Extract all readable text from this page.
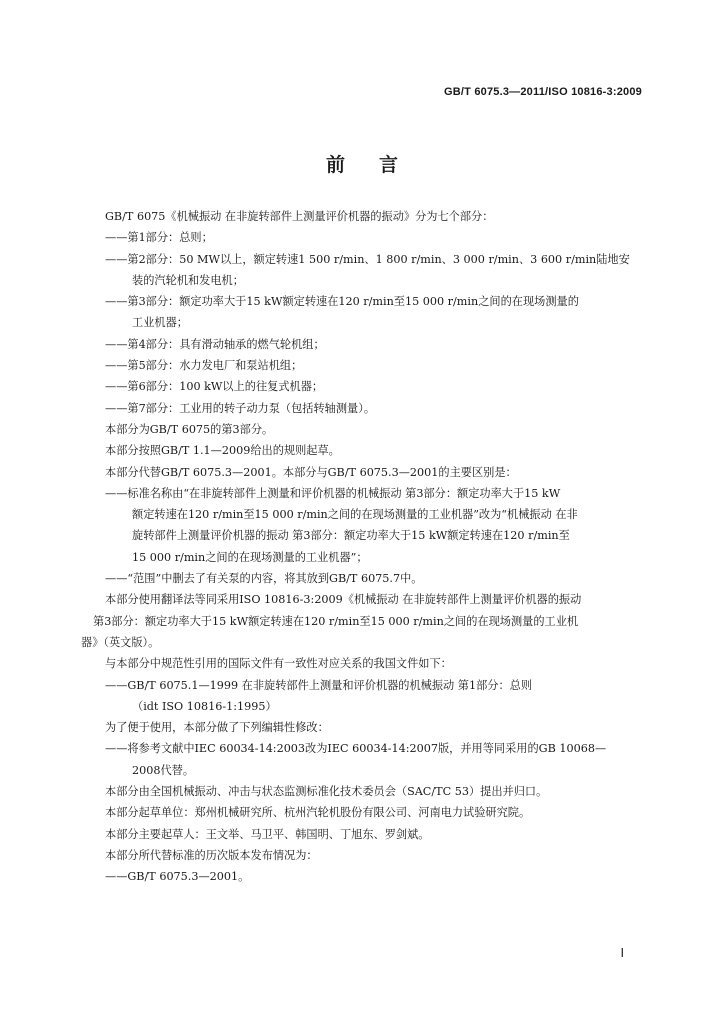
GB/T 6075.3—2011/ISO 10816-3:2009
前言
GB/T 6075《机械振动 在非旋转部件上测量评价机器的振动》分为七个部分：
——第1部分：总则；
——第2部分：50 MW以上，额定转速1 500 r/min、1 800 r/min、3 000 r/min、3 600 r/min陆地安
装的汽轮机和发电机；
——第3部分：额定功率大于15 kW额定转速在120 r/min至15 000 r/min之间的在现场测量的
工业机器；
——第4部分：具有滑动轴承的燃气轮机组；
——第5部分：水力发电厂和泵站机组；
——第6部分：100 kW以上的往复式机器；
——第7部分：工业用的转子动力泵（包括转轴测量）。
本部分为GB/T 6075的第3部分。
本部分按照GB/T 1.1—2009给出的规则起草。
本部分代替GB/T 6075.3—2001。本部分与GB/T 6075.3—2001的主要区别是：
——标准名称由“在非旋转部件上测量和评价机器的机械振动 第3部分：额定功率大于15 kW
额定转速在120 r/min至15 000 r/min之间的在现场测量的工业机器”改为“机械振动 在非
旋转部件上测量评价机器的振动 第3部分：额定功率大于15 kW额定转速在120 r/min至
15 000 r/min之间的在现场测量的工业机器”；
——“范围”中删去了有关泵的内容，将其放到GB/T 6075.7中。
本部分使用翻译法等同采用ISO 10816-3:2009《机械振动 在非旋转部件上测量评价机器的振动
第3部分：额定功率大于15 kW额定转速在120 r/min至15 000 r/min之间的在现场测量的工业机
器》（英文版）。
与本部分中规范性引用的国际文件有一致性对应关系的我国文件如下：
——GB/T 6075.1—1999 在非旋转部件上测量和评价机器的机械振动 第1部分：总则
（idt ISO 10816-1:1995）
为了便于使用，本部分做了下列编辑性修改：
——将参考文献中IEC 60034-14:2003改为IEC 60034-14:2007版，并用等同采用的GB 10068—
2008代替。
本部分由全国机械振动、冲击与状态监测标准化技术委员会（SAC/TC 53）提出并归口。
本部分起草单位：郑州机械研究所、杭州汽轮机股份有限公司、河南电力试验研究院。
本部分主要起草人：王文举、马卫平、韩国明、丁旭东、罗剑斌。
本部分所代替标准的历次版本发布情况为：
——GB/T 6075.3—2001。
I
